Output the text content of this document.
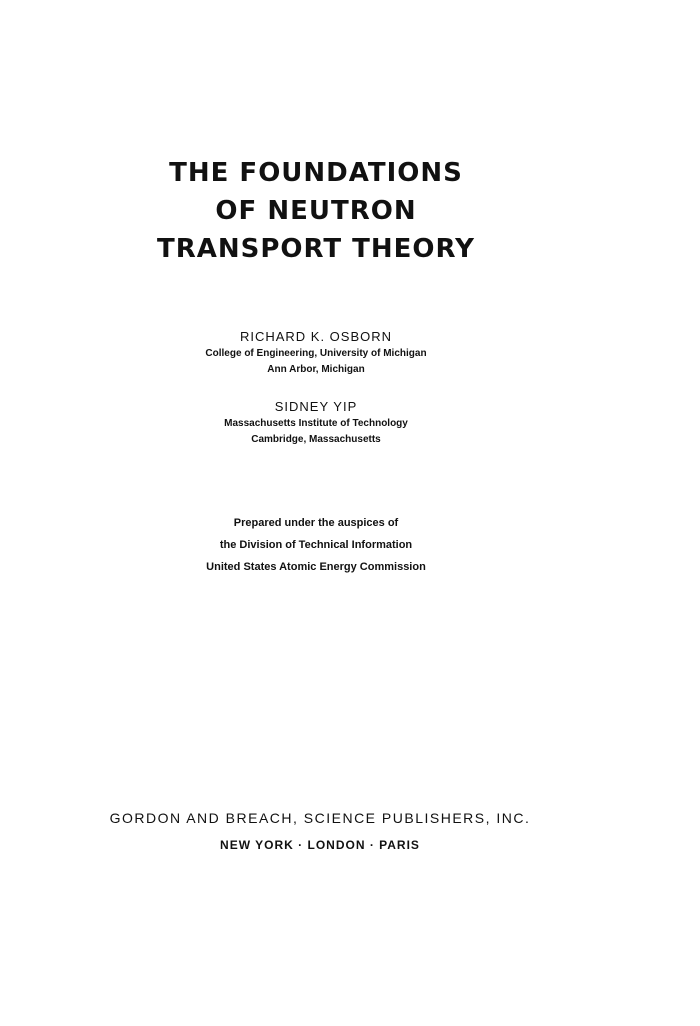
THE FOUNDATIONS
OF NEUTRON
TRANSPORT THEORY
RICHARD K. OSBORN
College of Engineering, University of Michigan
Ann Arbor, Michigan
SIDNEY YIP
Massachusetts Institute of Technology
Cambridge, Massachusetts
Prepared under the auspices of
the Division of Technical Information
United States Atomic Energy Commission
GORDON AND BREACH, SCIENCE PUBLISHERS, INC.
NEW YORK · LONDON · PARIS
